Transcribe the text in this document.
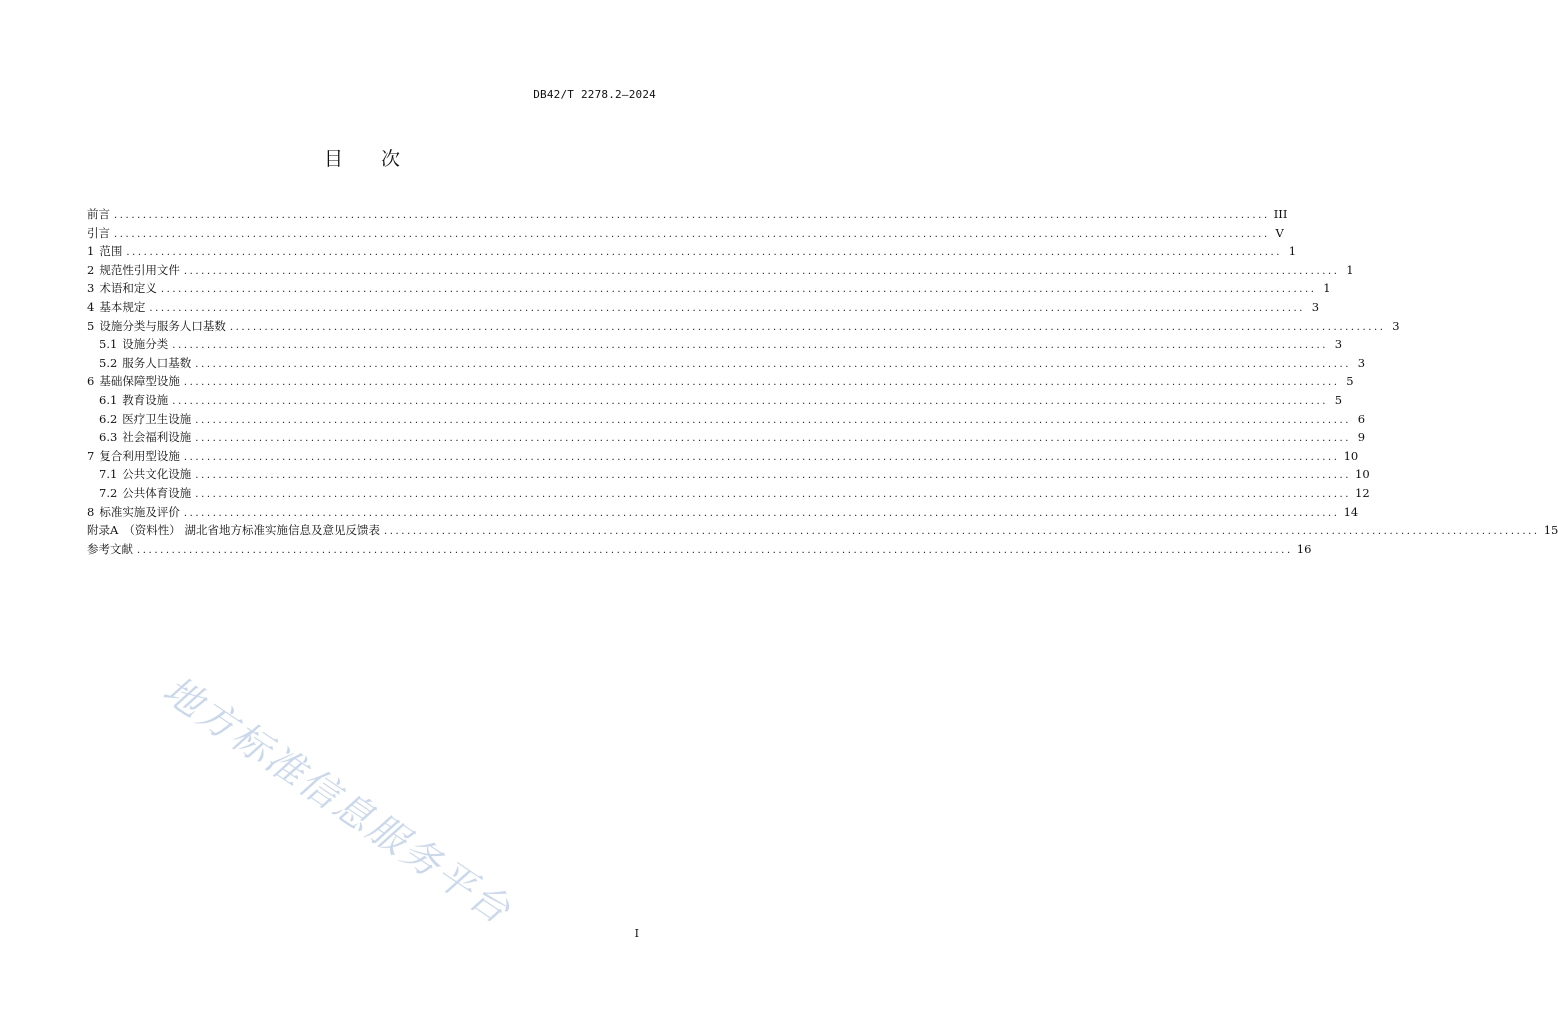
DB42/T 2278.2—2024
目 次
前言 ........................................................................................................................................................................................................ III
引言 ........................................................................................................................................................................................................ V
1 范围 ........................................................................................................................................................................................................ 1
2 规范性引用文件 ........................................................................................................................................................................................................ 1
3 术语和定义 ........................................................................................................................................................................................................ 1
4 基本规定 ........................................................................................................................................................................................................ 3
5 设施分类与服务人口基数 ........................................................................................................................................................................................................ 3
5.1 设施分类 ........................................................................................................................................................................................................ 3
5.2 服务人口基数 ........................................................................................................................................................................................................ 3
6 基础保障型设施 ........................................................................................................................................................................................................ 5
6.1 教育设施 ........................................................................................................................................................................................................ 5
6.2 医疗卫生设施 ........................................................................................................................................................................................................ 6
6.3 社会福利设施 ........................................................................................................................................................................................................ 9
7 复合利用型设施 ........................................................................................................................................................................................................ 10
7.1 公共文化设施 ........................................................................................................................................................................................................ 10
7.2 公共体育设施 ........................................................................................................................................................................................................ 12
8 标准实施及评价 ........................................................................................................................................................................................................ 14
附录A （资料性） 湖北省地方标准实施信息及意见反馈表 ........................................................................................................................................................................................................ 15
参考文献 ........................................................................................................................................................................................................ 16
地方标准信息服务平台
I
